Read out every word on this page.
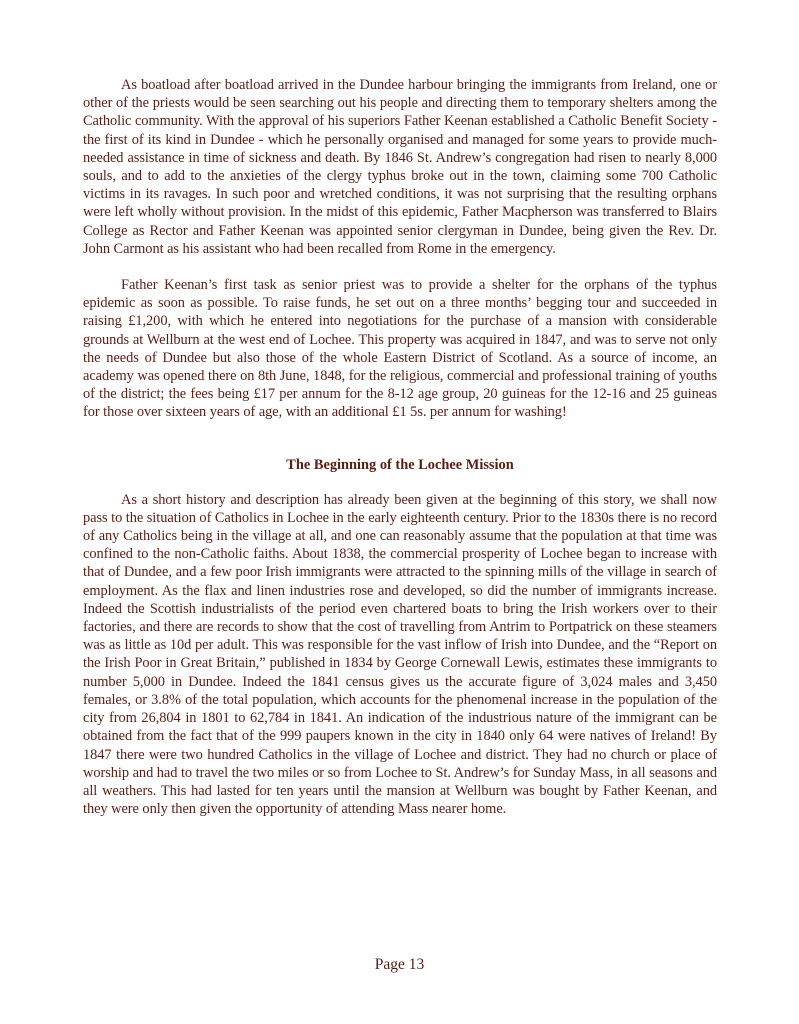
As boatload after boatload arrived in the Dundee harbour bringing the immigrants from Ireland, one or other of the priests would be seen searching out his people and directing them to temporary shelters among the Catholic community. With the approval of his superiors Father Keenan established a Catholic Benefit Society - the first of its kind in Dundee - which he personally organised and managed for some years to provide much-needed assistance in time of sickness and death. By 1846 St. Andrew’s congregation had risen to nearly 8,000 souls, and to add to the anxieties of the clergy typhus broke out in the town, claiming some 700 Catholic victims in its ravages. In such poor and wretched conditions, it was not surprising that the resulting orphans were left wholly without provision. In the midst of this epidemic, Father Macpherson was transferred to Blairs College as Rector and Father Keenan was appointed senior clergyman in Dundee, being given the Rev. Dr. John Carmont as his assistant who had been recalled from Rome in the emergency.

Father Keenan’s first task as senior priest was to provide a shelter for the orphans of the typhus epidemic as soon as possible. To raise funds, he set out on a three months’ begging tour and succeeded in raising £1,200, with which he entered into negotiations for the purchase of a mansion with considerable grounds at Wellburn at the west end of Lochee. This property was acquired in 1847, and was to serve not only the needs of Dundee but also those of the whole Eastern District of Scotland. As a source of income, an academy was opened there on 8th June, 1848, for the religious, commercial and professional training of youths of the district; the fees being £17 per annum for the 8-12 age group, 20 guineas for the 12-16 and 25 guineas for those over sixteen years of age, with an additional £1 5s. per annum for washing!

The Beginning of the Lochee Mission

As a short history and description has already been given at the beginning of this story, we shall now pass to the situation of Catholics in Lochee in the early eighteenth century. Prior to the 1830s there is no record of any Catholics being in the village at all, and one can reasonably assume that the population at that time was confined to the non-Catholic faiths. About 1838, the commercial prosperity of Lochee began to increase with that of Dundee, and a few poor Irish immigrants were attracted to the spinning mills of the village in search of employment. As the flax and linen industries rose and developed, so did the number of immigrants increase. Indeed the Scottish industrialists of the period even chartered boats to bring the Irish workers over to their factories, and there are records to show that the cost of travelling from Antrim to Portpatrick on these steamers was as little as 10d per adult. This was responsible for the vast inflow of Irish into Dundee, and the “Report on the Irish Poor in Great Britain,” published in 1834 by George Cornewall Lewis, estimates these immigrants to number 5,000 in Dundee. Indeed the 1841 census gives us the accurate figure of 3,024 males and 3,450 females, or 3.8% of the total population, which accounts for the phenomenal increase in the population of the city from 26,804 in 1801 to 62,784 in 1841. An indication of the industrious nature of the immigrant can be obtained from the fact that of the 999 paupers known in the city in 1840 only 64 were natives of Ireland! By 1847 there were two hundred Catholics in the village of Lochee and district. They had no church or place of worship and had to travel the two miles or so from Lochee to St. Andrew’s for Sunday Mass, in all seasons and all weathers. This had lasted for ten years until the mansion at Wellburn was bought by Father Keenan, and they were only then given the opportunity of attending Mass nearer home.

Page 13
